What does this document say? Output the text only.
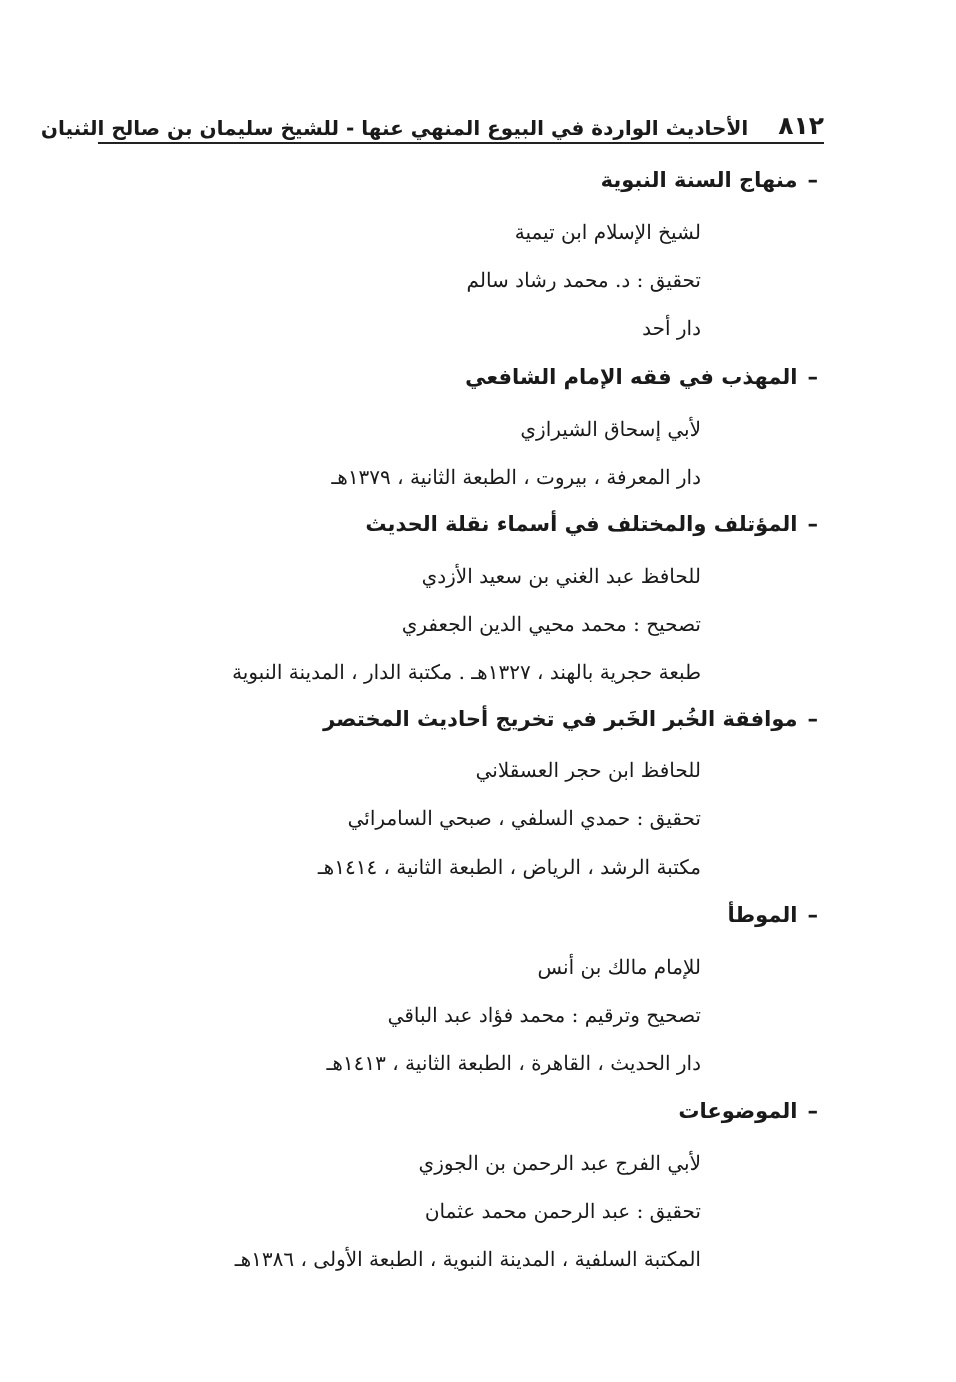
٨١٢
الأحاديث الواردة في البيوع المنهي عنها - للشيخ سليمان بن صالح الثنيان
–منهاج السنة النبوية
لشيخ الإسلام ابن تيمية
تحقيق : د. محمد رشاد سالم
دار أحد
–المهذب في فقه الإمام الشافعي
لأبي إسحاق الشيرازي
دار المعرفة ، بيروت ، الطبعة الثانية ، ١٣٧٩هـ
–المؤتلف والمختلف في أسماء نقلة الحديث
للحافظ عبد الغني بن سعيد الأزدي
تصحيح : محمد محيي الدين الجعفري
طبعة حجرية بالهند ، ١٣٢٧هـ . مكتبة الدار ، المدينة النبوية
–موافقة الخُبر الخَبر في تخريج أحاديث المختصر
للحافظ ابن حجر العسقلاني
تحقيق : حمدي السلفي ، صبحي السامرائي
مكتبة الرشد ، الرياض ، الطبعة الثانية ، ١٤١٤هـ
–الموطأ
للإمام مالك بن أنس
تصحيح وترقيم : محمد فؤاد عبد الباقي
دار الحديث ، القاهرة ، الطبعة الثانية ، ١٤١٣هـ
–الموضوعات
لأبي الفرج عبد الرحمن بن الجوزي
تحقيق : عبد الرحمن محمد عثمان
المكتبة السلفية ، المدينة النبوية ، الطبعة الأولى ، ١٣٨٦هـ
